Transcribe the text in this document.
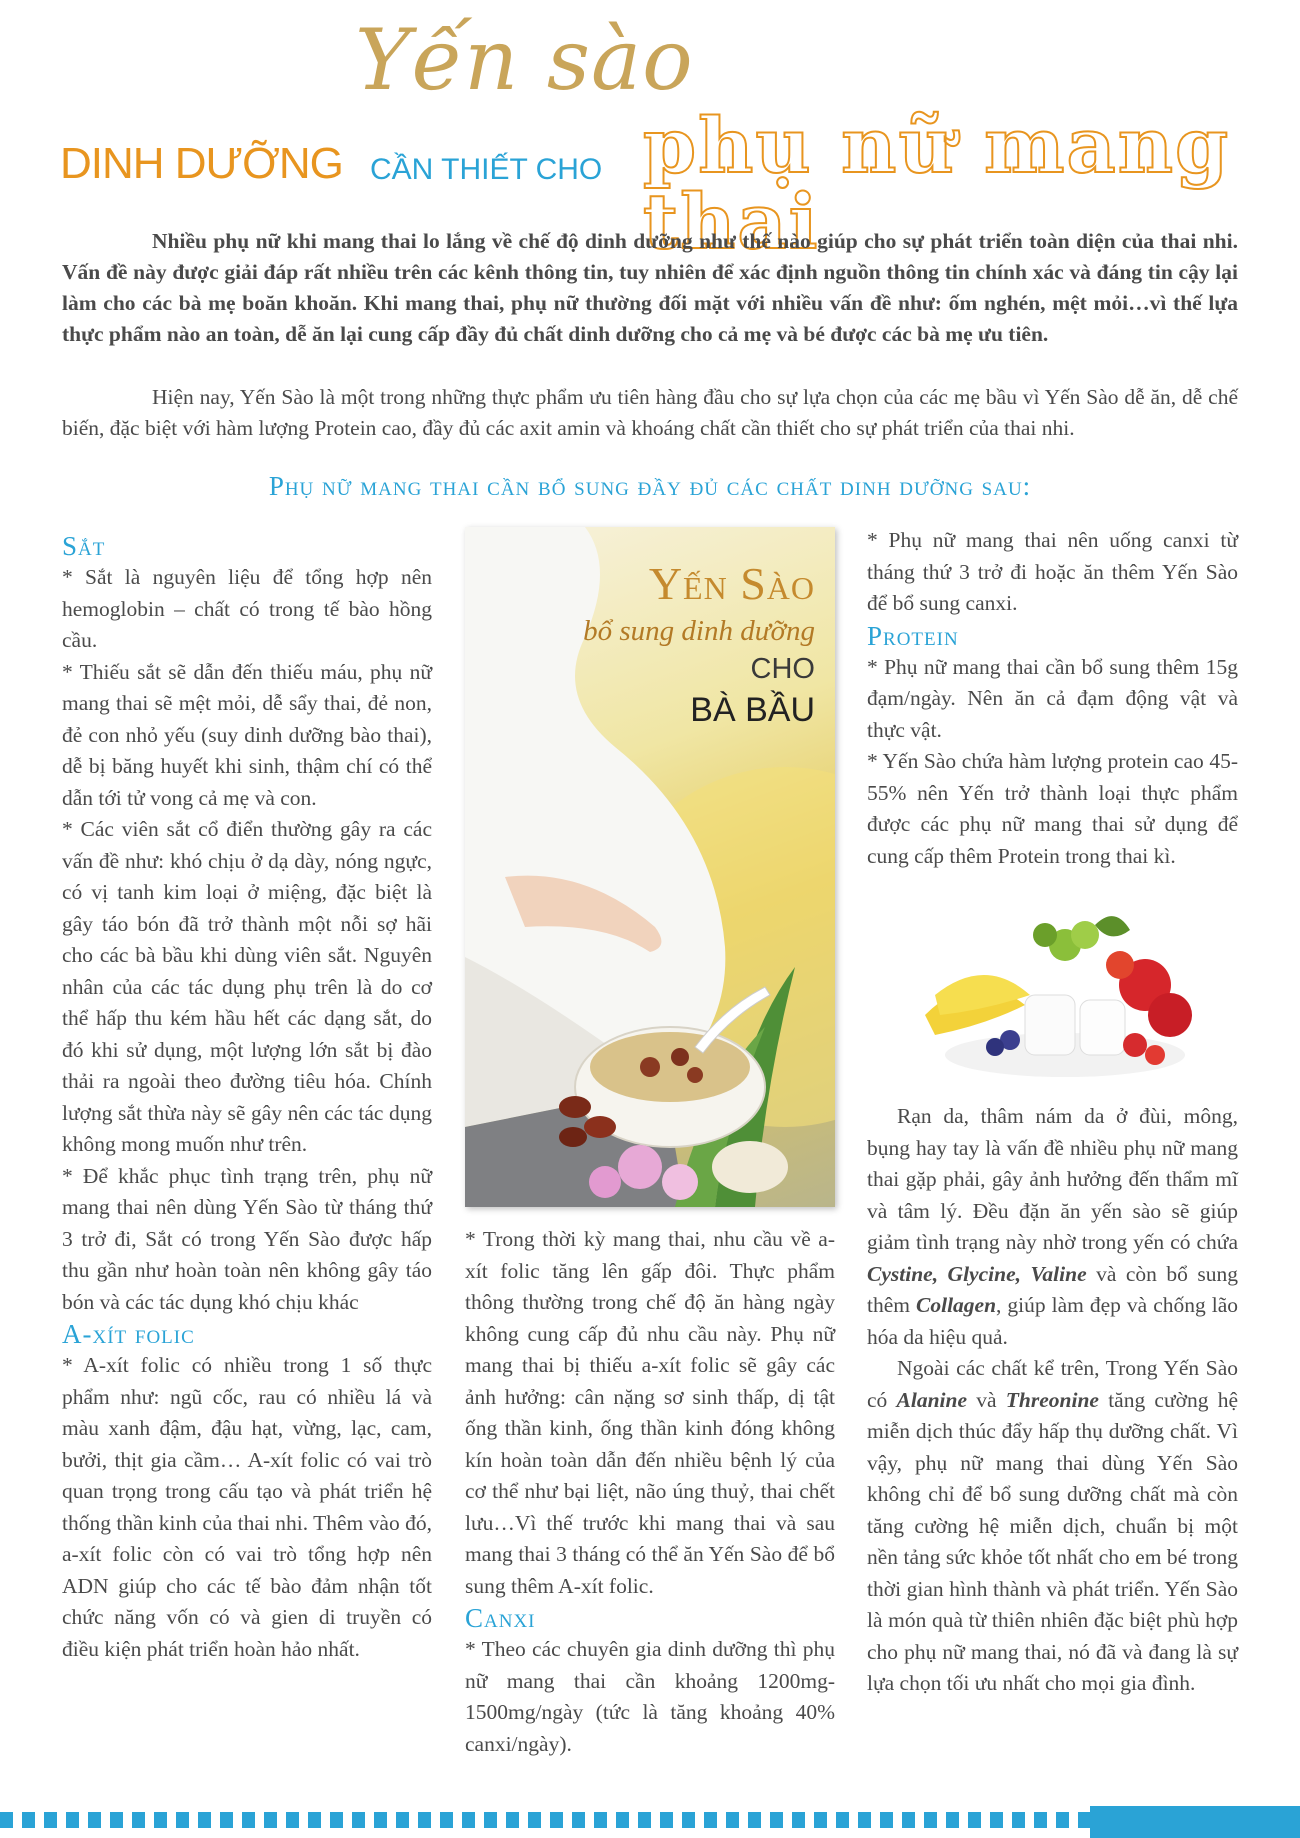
Yến sào
DINH DƯỠNG CẦN THIẾT CHO phụ nữ mang thai

Nhiều phụ nữ khi mang thai lo lắng về chế độ dinh dưỡng như thế nào giúp cho sự phát triển toàn diện của thai nhi. Vấn đề này được giải đáp rất nhiều trên các kênh thông tin, tuy nhiên để xác định nguồn thông tin chính xác và đáng tin cậy lại làm cho các bà mẹ boăn khoăn. Khi mang thai, phụ nữ thường đối mặt với nhiều vấn đề như: ốm nghén, mệt mỏi…vì thế lựa thực phẩm nào an toàn, dễ ăn lại cung cấp đầy đủ chất dinh dưỡng cho cả mẹ và bé được các bà mẹ ưu tiên.

Hiện nay, Yến Sào là một trong những thực phẩm ưu tiên hàng đầu cho sự lựa chọn của các mẹ bầu vì Yến Sào dễ ăn, dễ chế biến, đặc biệt với hàm lượng Protein cao, đầy đủ các axit amin và khoáng chất cần thiết cho sự phát triển của thai nhi.

Phụ nữ mang thai cần bổ sung đầy đủ các chất dinh dưỡng sau:
Sắt

* Sắt là nguyên liệu để tổng hợp nên hemoglobin – chất có trong tế bào hồng cầu.

* Thiếu sắt sẽ dẫn đến thiếu máu, phụ nữ mang thai sẽ mệt mỏi, dễ sẩy thai, đẻ non, đẻ con nhỏ yếu (suy dinh dưỡng bào thai), dễ bị băng huyết khi sinh, thậm chí có thể dẫn tới tử vong cả mẹ và con.

* Các viên sắt cổ điển thường gây ra các vấn đề như: khó chịu ở dạ dày, nóng ngực, có vị tanh kim loại ở miệng, đặc biệt là gây táo bón đã trở thành một nỗi sợ hãi cho các bà bầu khi dùng viên sắt. Nguyên nhân của các tác dụng phụ trên là do cơ thể hấp thu kém hầu hết các dạng sắt, do đó khi sử dụng, một lượng lớn sắt bị đào thải ra ngoài theo đường tiêu hóa. Chính lượng sắt thừa này sẽ gây nên các tác dụng không mong muốn như trên.

* Để khắc phục tình trạng trên, phụ nữ mang thai nên dùng Yến Sào từ tháng thứ 3 trở đi, Sắt có trong Yến Sào được hấp thu gần như hoàn toàn nên không gây táo bón và các tác dụng khó chịu khác

A-xít folic

* A-xít folic có nhiều trong 1 số thực phẩm như: ngũ cốc, rau có nhiều lá và màu xanh đậm, đậu hạt, vừng, lạc, cam, bưởi, thịt gia cầm… A-xít folic có vai trò quan trọng trong cấu tạo và phát triển hệ thống thần kinh của thai nhi. Thêm vào đó, a-xít folic còn có vai trò tổng hợp nên ADN giúp cho các tế bào đảm nhận tốt chức năng vốn có và gien di truyền có điều kiện phát triển hoàn hảo nhất.

Yến Sào
bổ sung dinh dưỡng
CHO
BÀ BẦU

* Trong thời kỳ mang thai, nhu cầu về a-xít folic tăng lên gấp đôi. Thực phẩm thông thường trong chế độ ăn hàng ngày không cung cấp đủ nhu cầu này. Phụ nữ mang thai bị thiếu a-xít folic sẽ gây các ảnh hưởng: cân nặng sơ sinh thấp, dị tật ống thần kinh, ống thần kinh đóng không kín hoàn toàn dẫn đến nhiều bệnh lý của cơ thể như bại liệt, não úng thuỷ, thai chết lưu…Vì thế trước khi mang thai và sau mang thai 3 tháng có thể ăn Yến Sào để bổ sung thêm A-xít folic.

Canxi

* Theo các chuyên gia dinh dưỡng thì phụ nữ mang thai cần khoảng 1200mg-1500mg/ngày (tức là tăng khoảng 40% canxi/ngày).

* Phụ nữ mang thai nên uống canxi từ tháng thứ 3 trở đi hoặc ăn thêm Yến Sào để bổ sung canxi.

Protein

* Phụ nữ mang thai cần bổ sung thêm 15g đạm/ngày. Nên ăn cả đạm động vật và thực vật.

* Yến Sào chứa hàm lượng protein cao 45-55% nên Yến trở thành loại thực phẩm được các phụ nữ mang thai sử dụng để cung cấp thêm Protein trong thai kì.

Rạn da, thâm nám da ở đùi, mông, bụng hay tay là vấn đề nhiều phụ nữ mang thai gặp phải, gây ảnh hưởng đến thẩm mĩ và tâm lý. Đều đặn ăn yến sào sẽ giúp giảm tình trạng này nhờ trong yến có chứa Cystine, Glycine, Valine và còn bổ sung thêm Collagen, giúp làm đẹp và chống lão hóa da hiệu quả.

Ngoài các chất kể trên, Trong Yến Sào có Alanine và Threonine tăng cường hệ miễn dịch thúc đẩy hấp thụ dưỡng chất. Vì vậy, phụ nữ mang thai dùng Yến Sào không chỉ để bổ sung dưỡng chất mà còn tăng cường hệ miễn dịch, chuẩn bị một nền tảng sức khỏe tốt nhất cho em bé trong thời gian hình thành và phát triển. Yến Sào là món quà từ thiên nhiên đặc biệt phù hợp cho phụ nữ mang thai, nó đã và đang là sự lựa chọn tối ưu nhất cho mọi gia đình.
